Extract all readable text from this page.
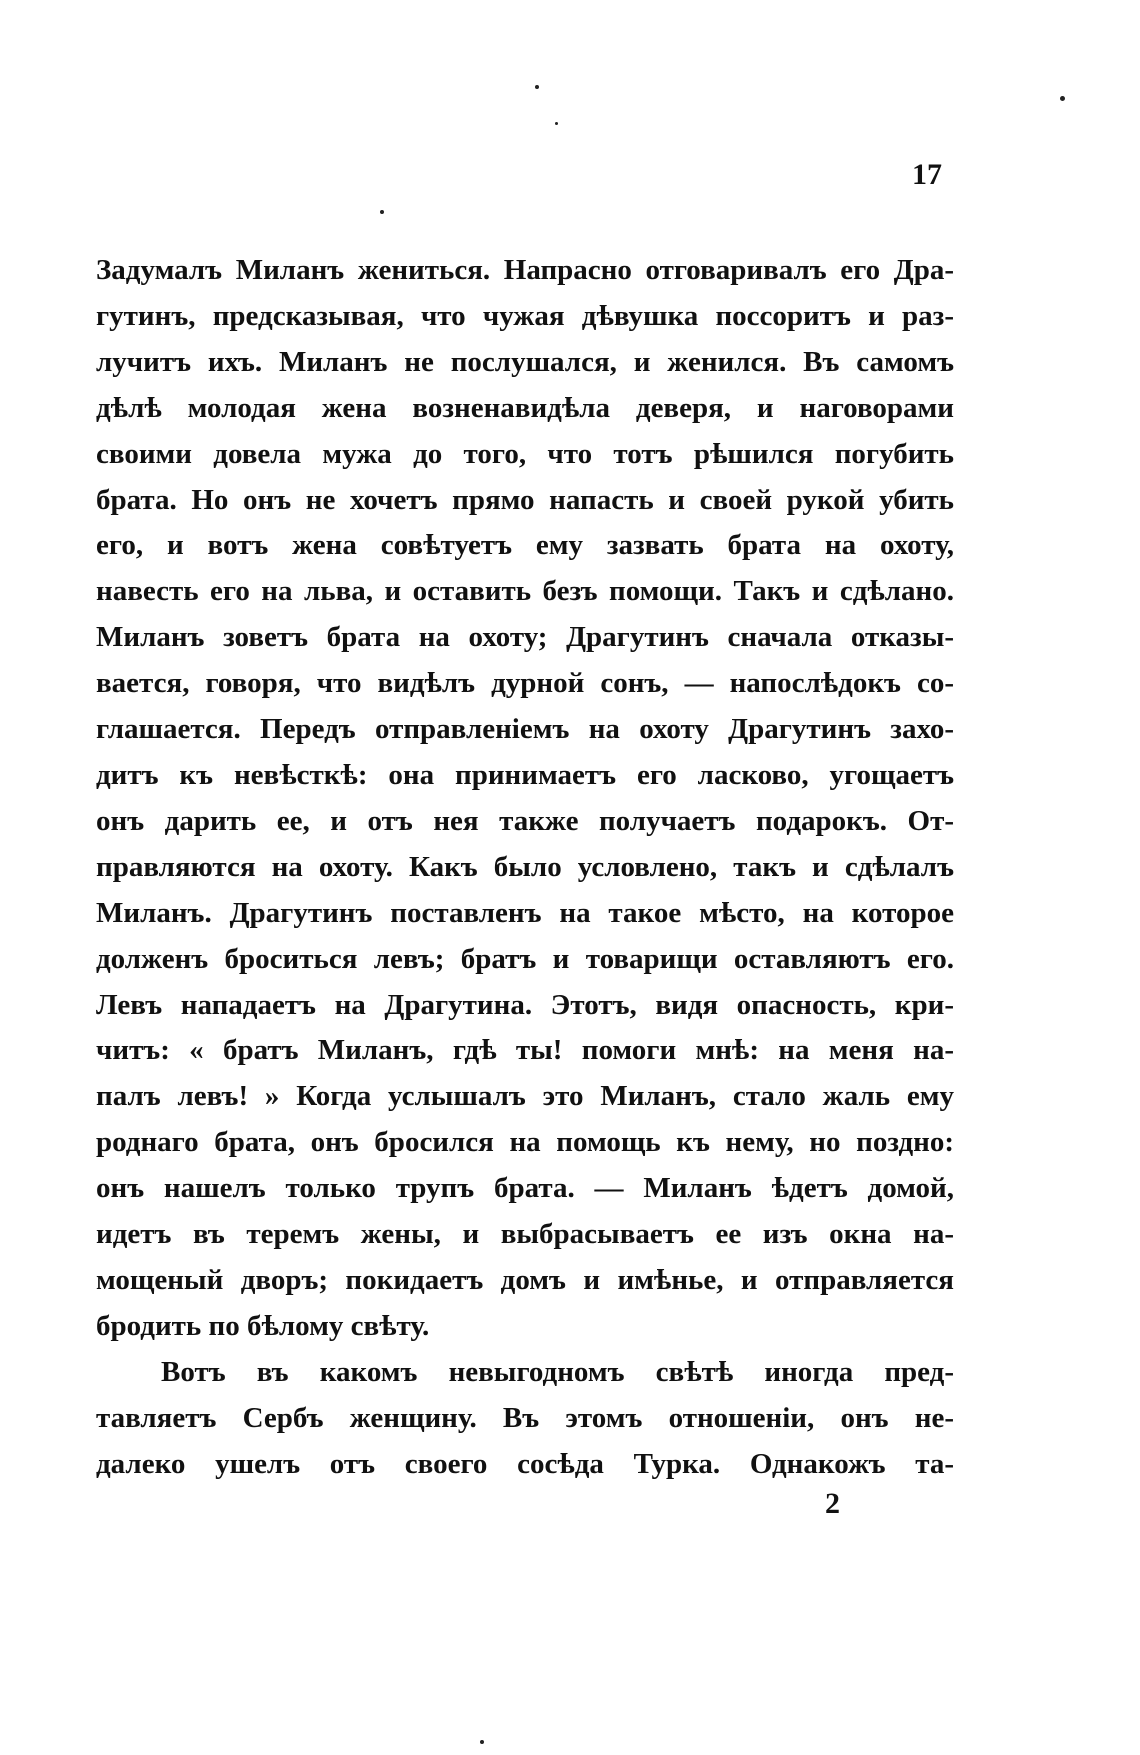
17
Задумалъ Миланъ жениться. Напрасно отговаривалъ его Дра-
гутинъ, предсказывая, что чужая дѣвушка поссоритъ и раз-
лучитъ ихъ. Миланъ не послушался, и женился. Въ самомъ
дѣлѣ молодая жена возненавидѣла деверя, и наговорами
своими довела мужа до того, что тотъ рѣшился погубить
брата. Но онъ не хочетъ прямо напасть и своей рукой убить
его, и вотъ жена совѣтуетъ ему зазвать брата на охоту,
навесть его на льва, и оставить безъ помощи. Такъ и сдѣлано.
Миланъ зоветъ брата на охоту; Драгутинъ сначала отказы-
вается, говоря, что видѣлъ дурной сонъ, — напослѣдокъ со-
глашается. Передъ отправленіемъ на охоту Драгутинъ захо-
дитъ къ невѣсткѣ: она принимаетъ его ласково, угощаетъ
онъ дарить ее, и отъ нея также получаетъ подарокъ. От-
правляются на охоту. Какъ было условлено, такъ и сдѣлалъ
Миланъ. Драгутинъ поставленъ на такое мѣсто, на которое
долженъ броситься левъ; братъ и товарищи оставляютъ его.
Левъ нападаетъ на Драгутина. Этотъ, видя опасность, кри-
читъ: « братъ Миланъ, гдѣ ты! помоги мнѣ: на меня на-
палъ левъ! » Когда услышалъ это Миланъ, стало жаль ему
роднаго брата, онъ бросился на помощь къ нему, но поздно:
онъ нашелъ только трупъ брата. — Миланъ ѣдетъ домой,
идетъ въ теремъ жены, и выбрасываетъ ее изъ окна на-
мощеный дворъ; покидаетъ домъ и имѣнье, и отправляется
бродить по бѣлому свѣту.
Вотъ въ какомъ невыгодномъ свѣтѣ иногда пред-
тавляетъ Сербъ женщину. Въ этомъ отношеніи, онъ не-
далеко ушелъ отъ своего сосѣда Турка. Однакожъ та-
2
